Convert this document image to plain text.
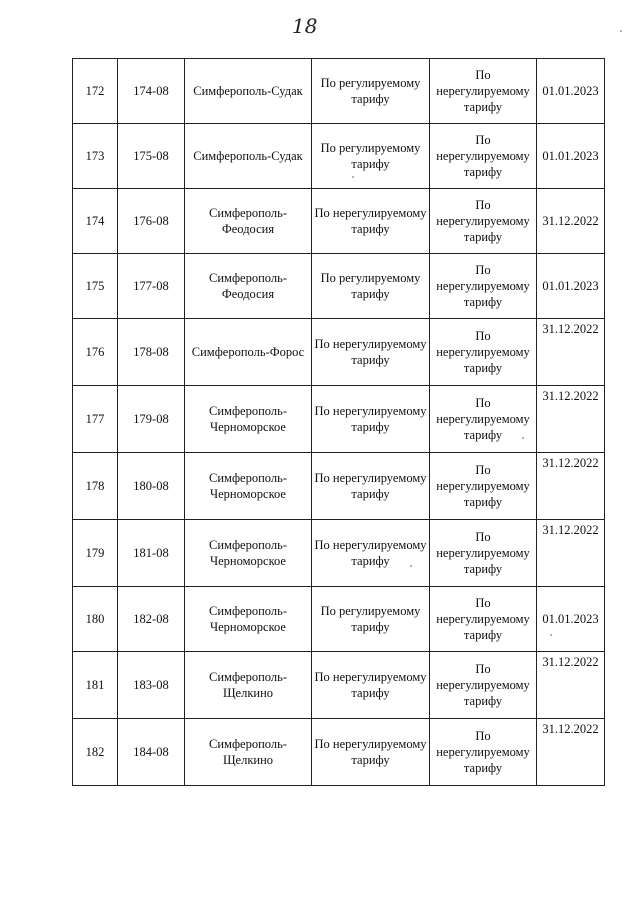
18
172	174-08	Симферополь-Судак	По регулируемому тарифу	По нерегулируемому тарифу	01.01.2023
173	175-08	Симферополь-Судак	По регулируемому тарифу	По нерегулируемому тарифу	01.01.2023
174	176-08	Симферополь-Феодосия	По нерегулируемому тарифу	По нерегулируемому тарифу	31.12.2022
175	177-08	Симферополь-Феодосия	По регулируемому тарифу	По нерегулируемому тарифу	01.01.2023
176	178-08	Симферополь-Форос	По нерегулируемому тарифу	По нерегулируемому тарифу	31.12.2022
177	179-08	Симферополь-Черноморское	По нерегулируемому тарифу	По нерегулируемому тарифу	31.12.2022
178	180-08	Симферополь-Черноморское	По нерегулируемому тарифу	По нерегулируемому тарифу	31.12.2022
179	181-08	Симферополь-Черноморское	По нерегулируемому тарифу	По нерегулируемому тарифу	31.12.2022
180	182-08	Симферополь-Черноморское	По регулируемому тарифу	По нерегулируемому тарифу	01.01.2023
181	183-08	Симферополь-Щелкино	По нерегулируемому тарифу	По нерегулируемому тарифу	31.12.2022
182	184-08	Симферополь-Щелкино	По нерегулируемому тарифу	По нерегулируемому тарифу	31.12.2022
